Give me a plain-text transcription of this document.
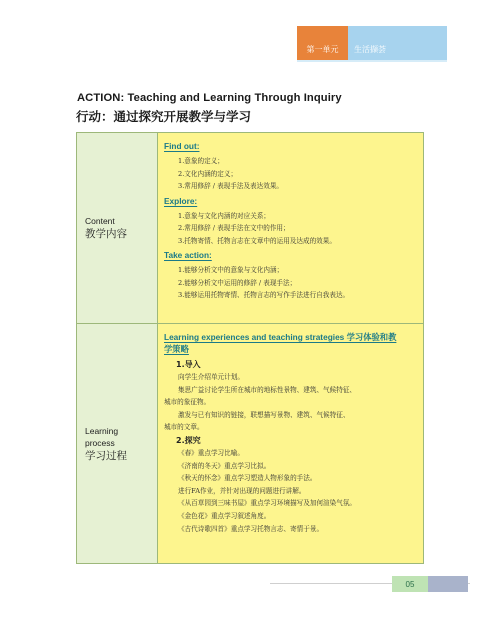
第一单元	生活撷荟
ACTION: Teaching and Learning Through Inquiry
行动：通过探究开展教学与学习
Content
教学内容
Find out:
1.意象的定义；
2.文化内涵的定义；
3.常用修辞 / 表现手法及表达效果。
Explore:
1.意象与文化内涵的对应关系；
2.常用修辞 / 表现手法在文中的作用；
3.托物寄情、托物言志在文章中的运用及达成的效果。
Take action:
1.能够分析文中的意象与文化内涵；
2.能够分析文中运用的修辞 / 表现手法；
3.能够运用托物寄情、托物言志的写作手法进行自我表达。
Learning
process
学习过程
Learning experiences and teaching strategies 学习体验和教
学策略
1.导入
向学生介绍单元计划。
集思广益讨论学生所在城市的地标性景物、建筑、气候特征、
城市的象征物。
激发与已有知识的链接，联想描写景物、建筑、气候特征、
城市的文章。
2.探究
《春》重点学习比喻。
《济南的冬天》重点学习比拟。
《秋天的怀念》重点学习塑造人物形象的手法。
进行FA作业，并针对出现的问题进行讲解。
《从百草园到三味书屋》重点学习环境描写及加何渲染气氛。
《金色花》重点学习叙述角度。
《古代诗歌四首》重点学习托物言志、寄情于景。
05
